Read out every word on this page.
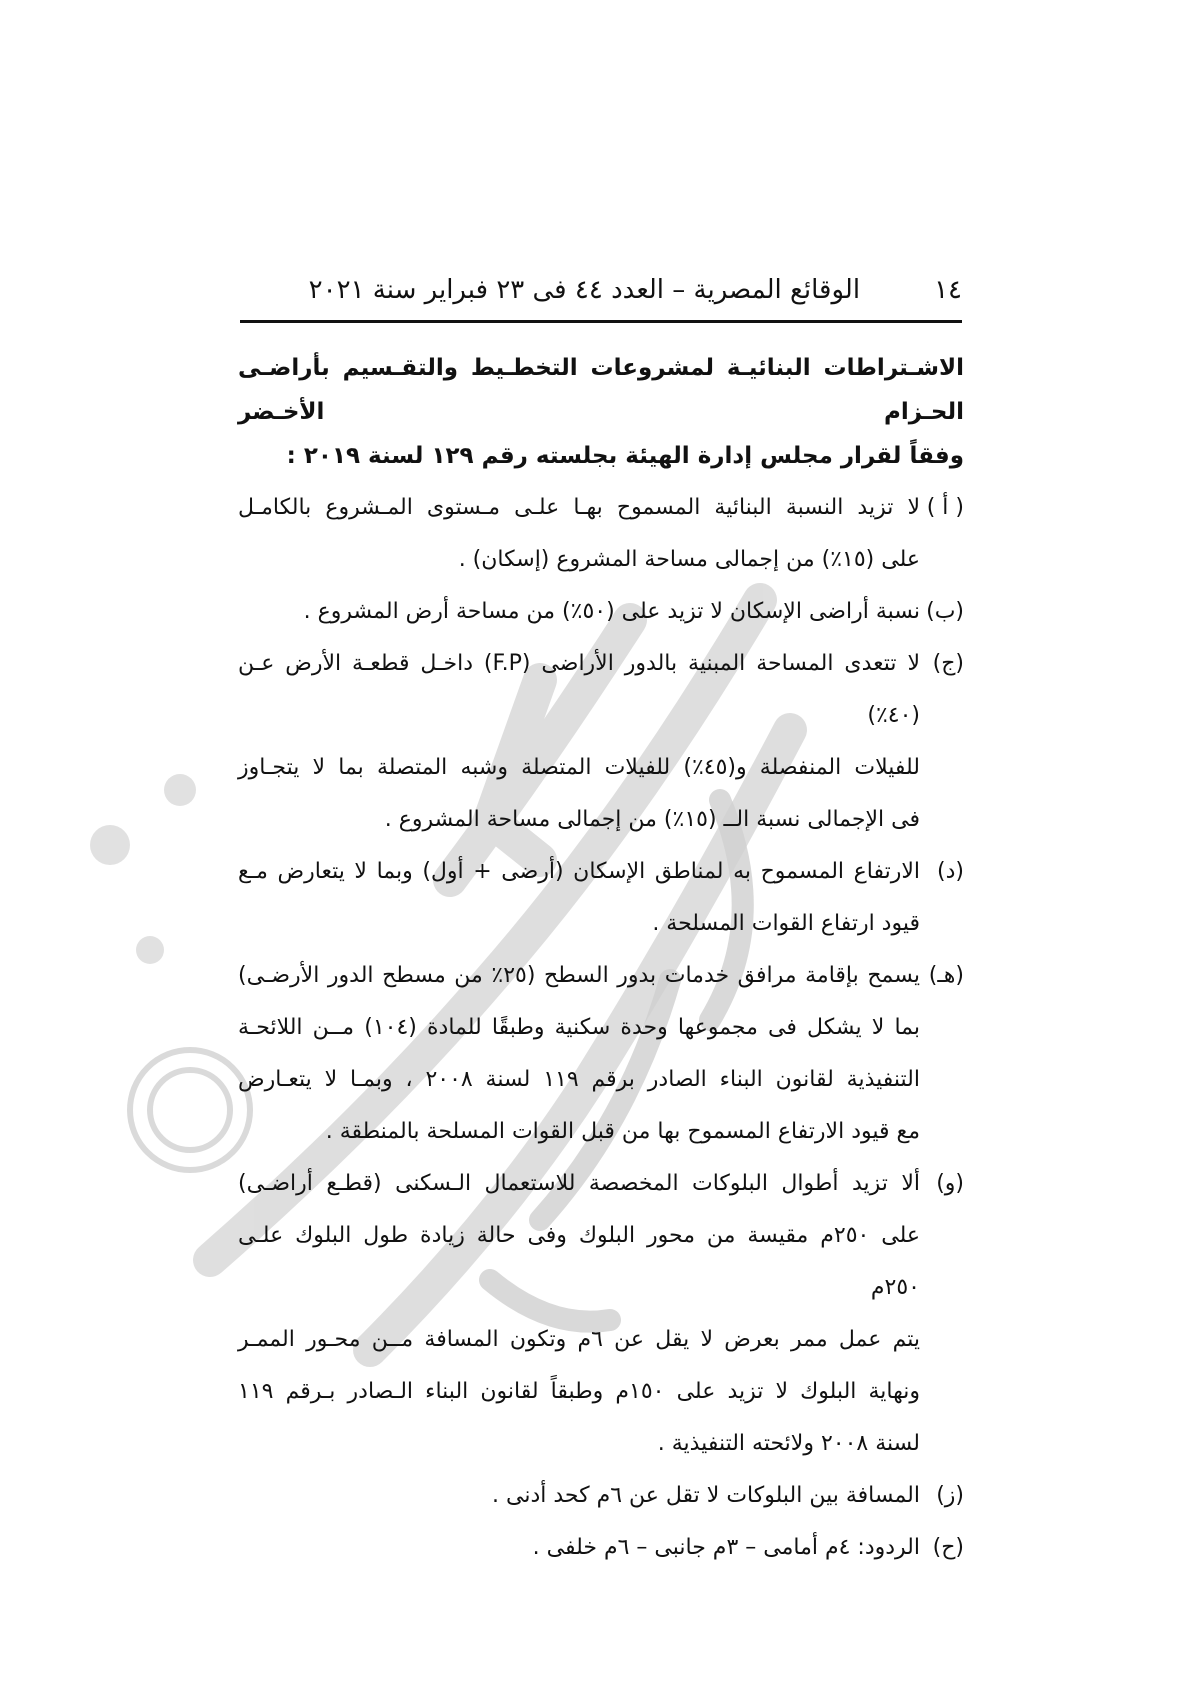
١٤
الوقائع المصرية – العدد ٤٤ فى ٢٣ فبراير سنة ٢٠٢١
الاشـتراطات البنائيـة لمشروعات التخطـيط والتقـسيم بأراضـى الحـزام الأخـضر
وفقاً لقرار مجلس إدارة الهيئة بجلسته رقم ١٢٩ لسنة ٢٠١٩ :
( أ )
لا تزيد النسبة البنائية المسموح بهـا علـى مـستوى المـشروع بالكامـل
على (١٥٪) من إجمالى مساحة المشروع (إسكان) .
(ب)
نسبة أراضى الإسكان لا تزيد على (٥٠٪) من مساحة أرض المشروع .
(ج)
لا تتعدى المساحة المبنية بالدور الأراضى (F.P) داخـل قطعـة الأرض عـن (٤٠٪)
للفيلات المنفصلة و(٤٥٪) للفيلات المتصلة وشبه المتصلة بما لا يتجـاوز
فى الإجمالى نسبة الــ (١٥٪) من إجمالى مساحة المشروع .
(د)
الارتفاع المسموح به لمناطق الإسكان (أرضى + أول) وبما لا يتعارض مـع
قيود ارتفاع القوات المسلحة .
(هـ)
يسمح بإقامة مرافق خدمات بدور السطح (٢٥٪ من مسطح الدور الأرضـى)
بما لا يشكل فى مجموعها وحدة سكنية وطبقًا للمادة (١٠٤) مــن اللائحـة
التنفيذية لقانون البناء الصادر برقم ١١٩ لسنة ٢٠٠٨ ، وبمـا لا يتعـارض
مع قيود الارتفاع المسموح بها من قبل القوات المسلحة بالمنطقة .
(و)
ألا تزيد أطوال البلوكات المخصصة للاستعمال الـسكنى (قطـع أراضـى)
على ٢٥٠م مقيسة من محور البلوك وفى حالة زيادة طول البلوك علـى ٢٥٠م
يتم عمل ممر بعرض لا يقل عن ٦م وتكون المسافة مــن محـور الممـر
ونهاية البلوك لا تزيد على ١٥٠م وطبقاً لقانون البناء الـصادر بـرقم ١١٩
لسنة ٢٠٠٨ ولائحته التنفيذية .
(ز)
المسافة بين البلوكات لا تقل عن ٦م كحد أدنى .
(ح)
الردود: ٤م أمامى – ٣م جانبى – ٦م خلفى .
